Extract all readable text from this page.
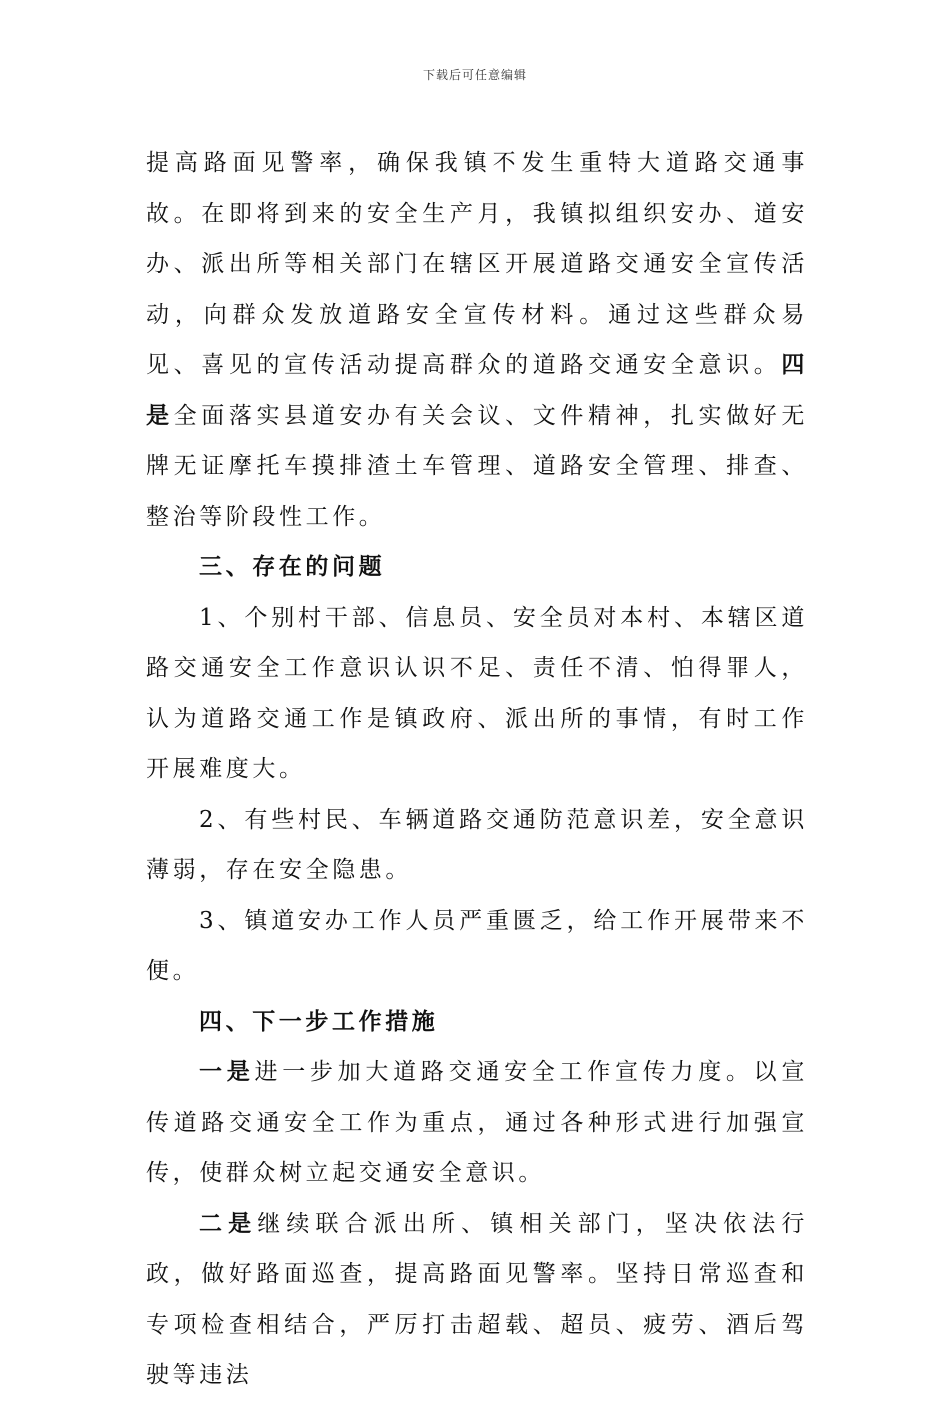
下载后可任意编辑

提高路面见警率，确保我镇不发生重特大道路交通事故。在即将到来的安全生产月，我镇拟组织安办、道安办、派出所等相关部门在辖区开展道路交通安全宣传活动，向群众发放道路安全宣传材料。通过这些群众易见、喜见的宣传活动提高群众的道路交通安全意识。四是全面落实县道安办有关会议、文件精神，扎实做好无牌无证摩托车摸排渣土车管理、道路安全管理、排查、整治等阶段性工作。

三、存在的问题

1、个别村干部、信息员、安全员对本村、本辖区道路交通安全工作意识认识不足、责任不清、怕得罪人，认为道路交通工作是镇政府、派出所的事情，有时工作开展难度大。

2、有些村民、车辆道路交通防范意识差，安全意识薄弱，存在安全隐患。

3、镇道安办工作人员严重匮乏，给工作开展带来不便。

四、下一步工作措施

一是进一步加大道路交通安全工作宣传力度。以宣传道路交通安全工作为重点，通过各种形式进行加强宣传，使群众树立起交通安全意识。

二是继续联合派出所、镇相关部门，坚决依法行政，做好路面巡查，提高路面见警率。坚持日常巡查和专项检查相结合，严厉打击超载、超员、疲劳、酒后驾驶等违法
